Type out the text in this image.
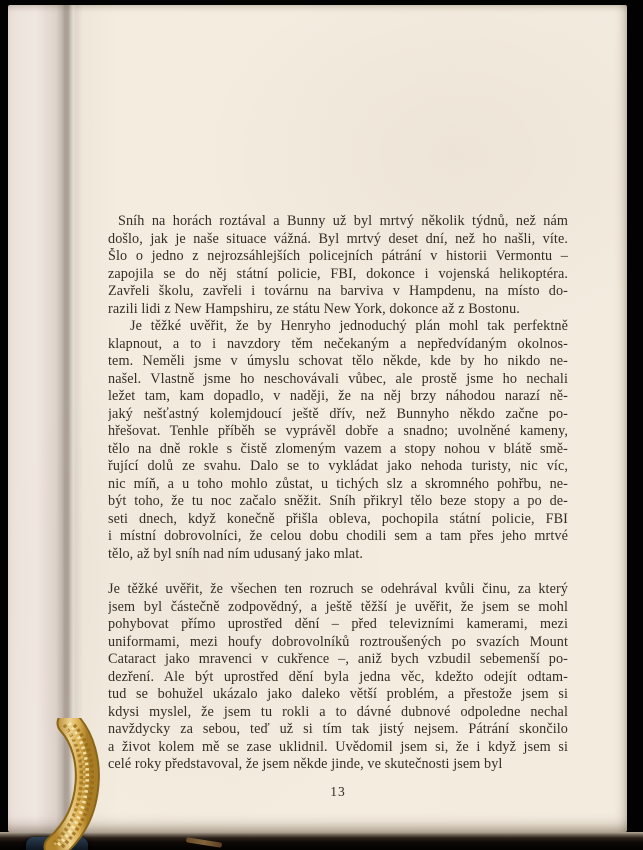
Sníh na horách roztával a Bunny už byl mrtvý několik týdnů, než nám
došlo, jak je naše situace vážná. Byl mrtvý deset dní, než ho našli, víte.
Šlo o jedno z nejrozsáhlejších policejních pátrání v historii Vermontu –
zapojila se do něj státní policie, FBI, dokonce i vojenská helikoptéra.
Zavřeli školu, zavřeli i továrnu na barviva v Hampdenu, na místo do-
razili lidi z New Hampshiru, ze státu New York, dokonce až z Bostonu.
Je těžké uvěřit, že by Henryho jednoduchý plán mohl tak perfektně
klapnout, a to i navzdory těm nečekaným a nepředvídaným okolnos-
tem. Neměli jsme v úmyslu schovat tělo někde, kde by ho nikdo ne-
našel. Vlastně jsme ho neschovávali vůbec, ale prostě jsme ho nechali
ležet tam, kam dopadlo, v naději, že na něj brzy náhodou narazí ně-
jaký nešťastný kolemjdoucí ještě dřív, než Bunnyho někdo začne po-
hřešovat. Tenhle příběh se vyprávěl dobře a snadno; uvolněné kameny,
tělo na dně rokle s čistě zlomeným vazem a stopy nohou v blátě smě-
řující dolů ze svahu. Dalo se to vykládat jako nehoda turisty, nic víc,
nic míň, a u toho mohlo zůstat, u tichých slz a skromného pohřbu, ne-
být toho, že tu noc začalo sněžit. Sníh přikryl tělo beze stopy a po de-
seti dnech, když konečně přišla obleva, pochopila státní policie, FBI
i místní dobrovolníci, že celou dobu chodili sem a tam přes jeho mrtvé
tělo, až byl sníh nad ním udusaný jako mlat.
Je těžké uvěřit, že všechen ten rozruch se odehrával kvůli činu, za který
jsem byl částečně zodpovědný, a ještě těžší je uvěřit, že jsem se mohl
pohybovat přímo uprostřed dění – před televizními kamerami, mezi
uniformami, mezi houfy dobrovolníků roztroušených po svazích Mount
Cataract jako mravenci v cukřence –, aniž bych vzbudil sebemenší po-
dezření. Ale být uprostřed dění byla jedna věc, kdežto odejít odtam-
tud se bohužel ukázalo jako daleko větší problém, a přestože jsem si
kdysi myslel, že jsem tu rokli a to dávné dubnové odpoledne nechal
navždycky za sebou, teď už si tím tak jistý nejsem. Pátrání skončilo
a život kolem mě se zase uklidnil. Uvědomil jsem si, že i když jsem si
celé roky představoval, že jsem někde jinde, ve skutečnosti jsem byl
13
